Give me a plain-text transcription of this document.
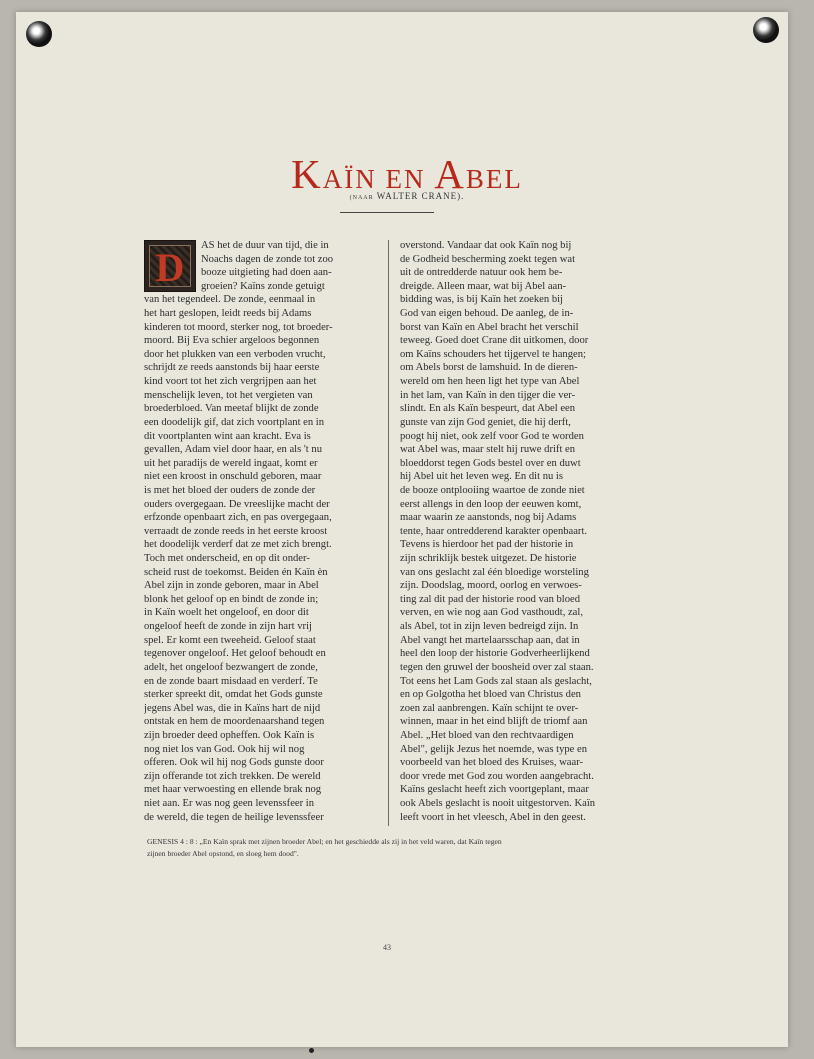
KAÏN EN ABEL
(NAAR WALTER CRANE).
D	AS het de duur van tijd, die in
Noachs dagen de zonde tot zoo
booze uitgieting had doen aan-
groeien? Kaïns zonde getuigt
van het tegendeel. De zonde, eenmaal in
het hart geslopen, leidt reeds bij Adams
kinderen tot moord, sterker nog, tot broeder-
moord. Bij Eva schier argeloos begonnen
door het plukken van een verboden vrucht,
schrijdt ze reeds aanstonds bij haar eerste
kind voort tot het zich vergrijpen aan het
menschelijk leven, tot het vergieten van
broederbloed. Van meetaf blijkt de zonde
een doodelijk gif, dat zich voortplant en in
dit voortplanten wint aan kracht. Eva is
gevallen, Adam viel door haar, en als 't nu
uit het paradijs de wereld ingaat, komt er
niet een kroost in onschuld geboren, maar
is met het bloed der ouders de zonde der
ouders overgegaan. De vreeslijke macht der
erfzonde openbaart zich, en pas overgegaan,
verraadt de zonde reeds in het eerste kroost
het doodelijk verderf dat ze met zich brengt.
Toch met onderscheid, en op dit onder-
scheid rust de toekomst. Beiden én Kaïn èn
Abel zijn in zonde geboren, maar in Abel
blonk het geloof op en bindt de zonde in;
in Kaïn woelt het ongeloof, en door dit
ongeloof heeft de zonde in zijn hart vrij
spel. Er komt een tweeheid. Geloof staat
tegenover ongeloof. Het geloof behoudt en
adelt, het ongeloof bezwangert de zonde,
en de zonde baart misdaad en verderf. Te
sterker spreekt dit, omdat het Gods gunste
jegens Abel was, die in Kaïns hart de nijd
ontstak en hem de moordenaarshand tegen
zijn broeder deed opheffen. Ook Kaïn is
nog niet los van God. Ook hij wil nog
offeren. Ook wil hij nog Gods gunste door
zijn offerande tot zich trekken. De wereld
met haar verwoesting en ellende brak nog
niet aan. Er was nog geen levenssfeer in
de wereld, die tegen de heilige levenssfeer
overstond. Vandaar dat ook Kaïn nog bij
de Godheid bescherming zoekt tegen wat
uit de ontredderde natuur ook hem be-
dreigde. Alleen maar, wat bij Abel aan-
bidding was, is bij Kaïn het zoeken bij
God van eigen behoud. De aanleg, de in-
borst van Kaïn en Abel bracht het verschil
teweeg. Goed doet Crane dit uitkomen, door
om Kaïns schouders het tijgervel te hangen;
om Abels borst de lamshuid. In de dieren-
wereld om hen heen ligt het type van Abel
in het lam, van Kaïn in den tijger die ver-
slindt. En als Kaïn bespeurt, dat Abel een
gunste van zijn God geniet, die hij derft,
poogt hij niet, ook zelf voor God te worden
wat Abel was, maar stelt hij ruwe drift en
bloeddorst tegen Gods bestel over en duwt
hij Abel uit het leven weg. En dit nu is
de booze ontplooiing waartoe de zonde niet
eerst allengs in den loop der eeuwen komt,
maar waarin ze aanstonds, nog bij Adams
tente, haar ontredderend karakter openbaart.
Tevens is hierdoor het pad der historie in
zijn schriklijk bestek uitgezet. De historie
van ons geslacht zal één bloedige worsteling
zijn. Doodslag, moord, oorlog en verwoes-
ting zal dit pad der historie rood van bloed
verven, en wie nog aan God vasthoudt, zal,
als Abel, tot in zijn leven bedreigd zijn. In
Abel vangt het martelaarsschap aan, dat in
heel den loop der historie Godverheerlijkend
tegen den gruwel der boosheid over zal staan.
Tot eens het Lam Gods zal staan als geslacht,
en op Golgotha het bloed van Christus den
zoen zal aanbrengen. Kaïn schijnt te over-
winnen, maar in het eind blijft de triomf aan
Abel. „Het bloed van den rechtvaardigen
Abel", gelijk Jezus het noemde, was type en
voorbeeld van het bloed des Kruises, waar-
door vrede met God zou worden aangebracht.
Kaïns geslacht heeft zich voortgeplant, maar
ook Abels geslacht is nooit uitgestorven. Kaïn
leeft voort in het vleesch, Abel in den geest.
GENESIS 4 : 8 : „En Kaïn sprak met zijnen broeder Abel; en het geschiedde als zij in het veld waren, dat Kaïn tegen
zijnen broeder Abel opstond, en sloeg hem dood".
43
